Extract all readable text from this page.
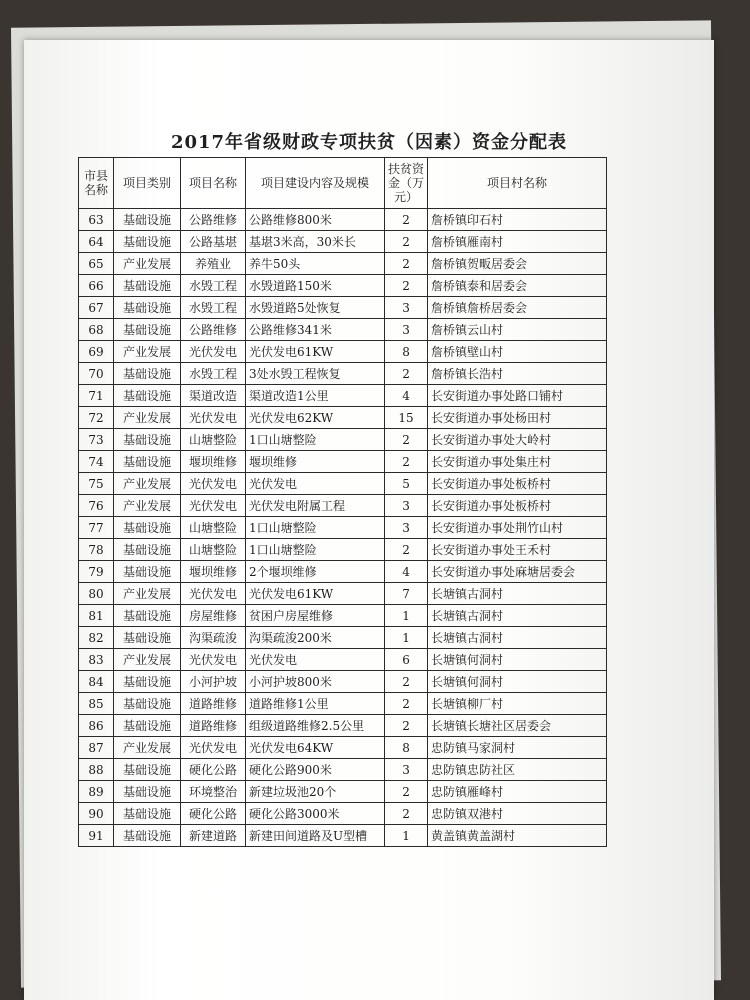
2017年省级财政专项扶贫（因素）资金分配表
市县
名称	项目类别	项目名称	项目建设内容及规模	扶贫资
金（万
元）	项目村名称
63	基础设施	公路维修	公路维修800米	2	詹桥镇印石村
64	基础设施	公路基堪	基堪3米高，30米长	2	詹桥镇雁南村
65	产业发展	养殖业	养牛50头	2	詹桥镇贺畈居委会
66	基础设施	水毁工程	水毁道路150米	2	詹桥镇泰和居委会
67	基础设施	水毁工程	水毁道路5处恢复	3	詹桥镇詹桥居委会
68	基础设施	公路维修	公路维修341米	3	詹桥镇云山村
69	产业发展	光伏发电	光伏发电61KW	8	詹桥镇壁山村
70	基础设施	水毁工程	3处水毁工程恢复	2	詹桥镇长浩村
71	基础设施	渠道改造	渠道改造1公里	4	长安街道办事处路口铺村
72	产业发展	光伏发电	光伏发电62KW	15	长安街道办事处杨田村
73	基础设施	山塘整险	1口山塘整险	2	长安街道办事处大岭村
74	基础设施	堰坝维修	堰坝维修	2	长安街道办事处集庄村
75	产业发展	光伏发电	光伏发电	5	长安街道办事处板桥村
76	产业发展	光伏发电	光伏发电附属工程	3	长安街道办事处板桥村
77	基础设施	山塘整险	1口山塘整险	3	长安街道办事处荆竹山村
78	基础设施	山塘整险	1口山塘整险	2	长安街道办事处王禾村
79	基础设施	堰坝维修	2个堰坝维修	4	长安街道办事处麻塘居委会
80	产业发展	光伏发电	光伏发电61KW	7	长塘镇古洞村
81	基础设施	房屋维修	贫困户房屋维修	1	长塘镇古洞村
82	基础设施	沟渠疏浚	沟渠疏浚200米	1	长塘镇古洞村
83	产业发展	光伏发电	光伏发电	6	长塘镇何洞村
84	基础设施	小河护坡	小河护坡800米	2	长塘镇何洞村
85	基础设施	道路维修	道路维修1公里	2	长塘镇柳厂村
86	基础设施	道路维修	组级道路维修2.5公里	2	长塘镇长塘社区居委会
87	产业发展	光伏发电	光伏发电64KW	8	忠防镇马家洞村
88	基础设施	硬化公路	硬化公路900米	3	忠防镇忠防社区
89	基础设施	环境整治	新建垃圾池20个	2	忠防镇雁峰村
90	基础设施	硬化公路	硬化公路3000米	2	忠防镇双港村
91	基础设施	新建道路	新建田间道路及U型槽	1	黄盖镇黄盖湖村
